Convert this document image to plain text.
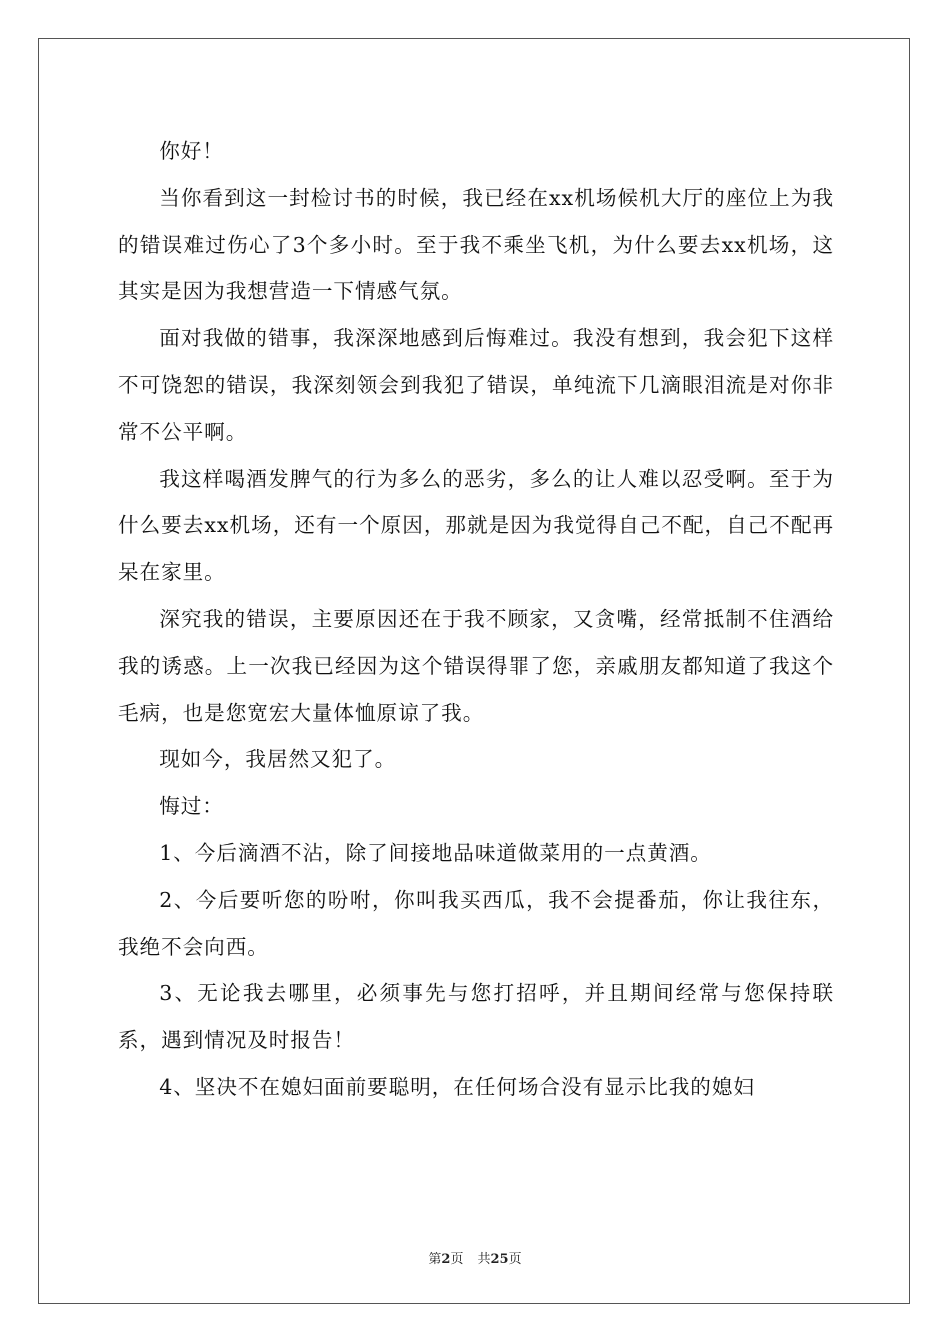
你好！

当你看到这一封检讨书的时候，我已经在xx机场候机大厅的座位上为我的错误难过伤心了3个多小时。至于我不乘坐飞机，为什么要去xx机场，这其实是因为我想营造一下情感气氛。

面对我做的错事，我深深地感到后悔难过。我没有想到，我会犯下这样不可饶恕的错误，我深刻领会到我犯了错误，单纯流下几滴眼泪流是对你非常不公平啊。

我这样喝酒发脾气的行为多么的恶劣，多么的让人难以忍受啊。至于为什么要去xx机场，还有一个原因，那就是因为我觉得自己不配，自己不配再呆在家里。

深究我的错误，主要原因还在于我不顾家，又贪嘴，经常抵制不住酒给我的诱惑。上一次我已经因为这个错误得罪了您，亲戚朋友都知道了我这个毛病，也是您宽宏大量体恤原谅了我。

现如今，我居然又犯了。

悔过：

1、今后滴酒不沾，除了间接地品味道做菜用的一点黄酒。

2、今后要听您的吩咐，你叫我买西瓜，我不会提番茄，你让我往东，我绝不会向西。

3、无论我去哪里，必须事先与您打招呼，并且期间经常与您保持联系，遇到情况及时报告！

4、坚决不在媳妇面前要聪明，在任何场合没有显示比我的媳妇

第2页 共25页
